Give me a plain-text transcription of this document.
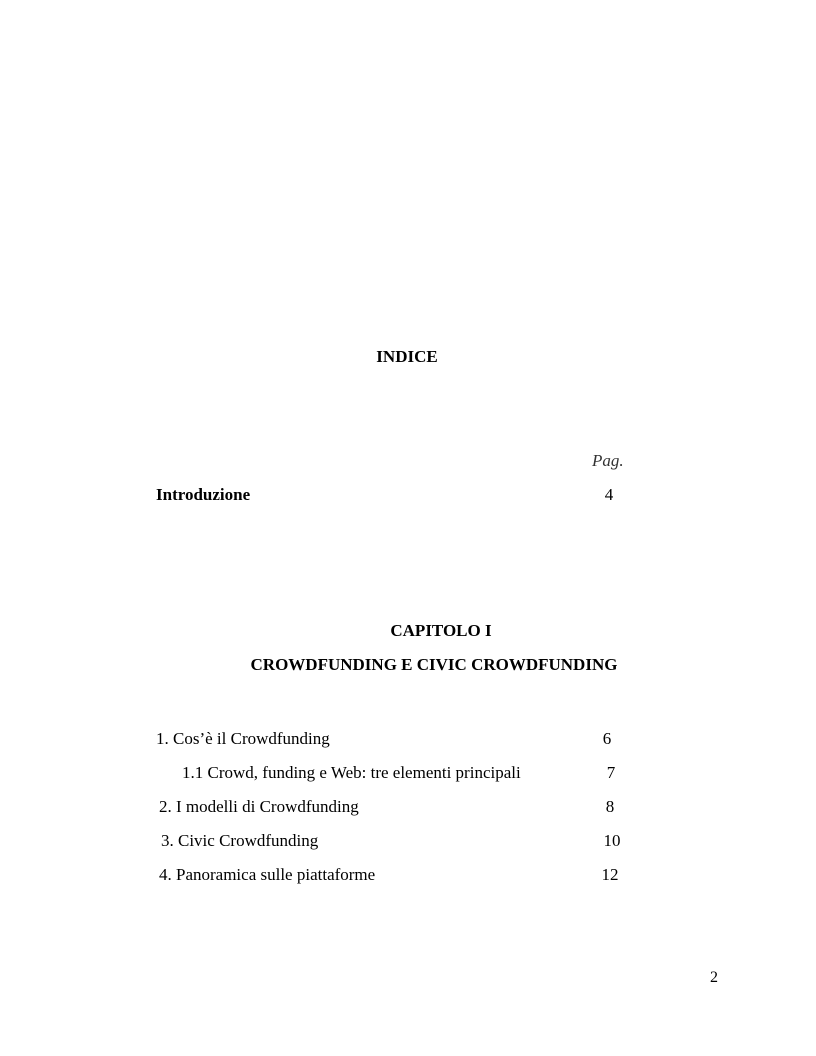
INDICE
Pag.
Introduzione	4
CAPITOLO I
CROWDFUNDING E CIVIC CROWDFUNDING
1. Cos’è il Crowdfunding	6
1.1 Crowd, funding e Web: tre elementi principali	7
2. I modelli di Crowdfunding	8
3. Civic Crowdfunding	10
4. Panoramica sulle piattaforme	12
2
